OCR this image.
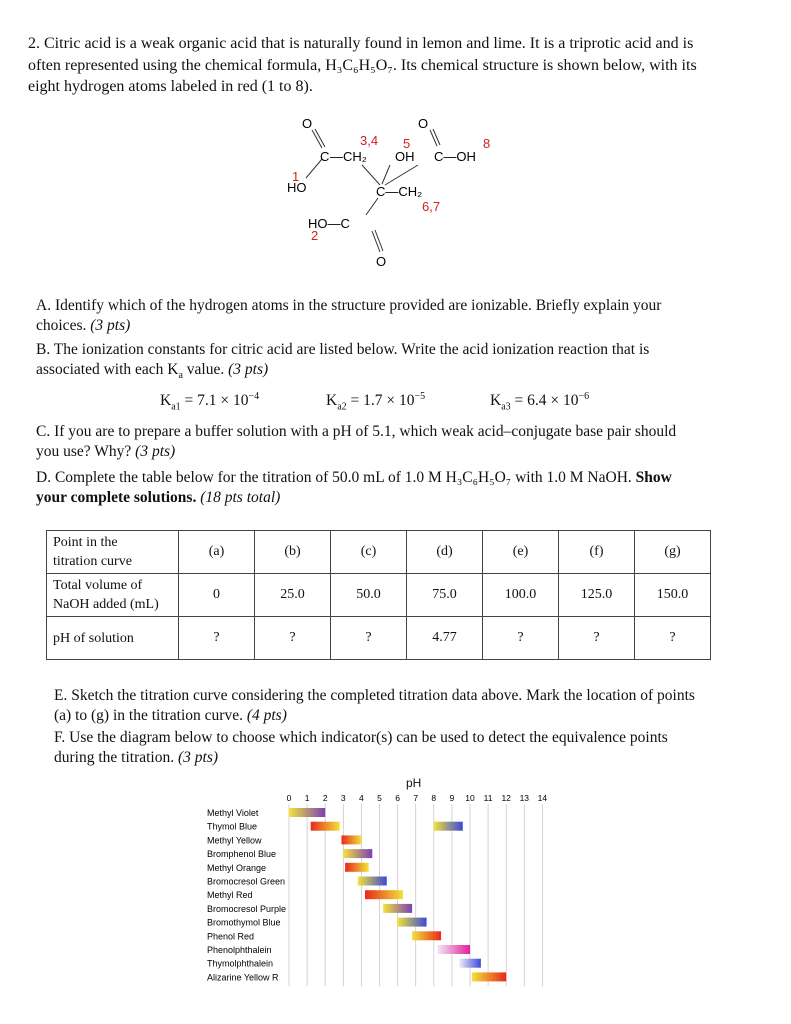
2. Citric acid is a weak organic acid that is naturally found in lemon and lime. It is a triprotic acid and is
often represented using the chemical formula, H₃C₆H₅O₇. Its chemical structure is shown below, with its
eight hydrogen atoms labeled in red (1 to 8).
O
C —CH₂ OH
O
C—OH
HO	C—CH₂
HO—C
O
1
2
3,4 5
6,7
8
A. Identify which of the hydrogen atoms in the structure provided are ionizable. Briefly explain your
choices. (3 pts)
B. The ionization constants for citric acid are listed below. Write the acid ionization reaction that is
associated with each $K_a$ value. (3 pts)
$K_{a1} = 7.1 \times 10^{-4}$	$K_{a2} = 1.7 \times 10^{-5}$	$K_{a3} = 6.4 \times 10^{-6}$
C. If you are to prepare a buffer solution with a pH of 5.1, which weak acid–conjugate base pair should
you use? Why? (3 pts)
D. Complete the table below for the titration of 50.0 mL of 1.0 M H₃C₆H₅O₇ with 1.0 M NaOH. Show
your complete solutions. (18 pts total)
Point in the
titration curve	(a)	(b)	(c)	(d)	(e)	(f)	(g)

Total volume of
NaOH added (mL)	0	25.0	50.0	75.0	100.0	125.0	150.0
pH of solution	?	?	?	4.77	?	?	?
E. Sketch the titration curve considering the completed titration data above. Mark the location of points
(a) to (g) in the titration curve. (4 pts)
F. Use the diagram below to choose which indicator(s) can be used to detect the equivalence points
during the titration. (3 pts)
pH
0 1 2 3 4 5 6 7 8 9 10 11 12 13 14
Methyl Violet
Thymol Blue
Methyl Yellow
Bromphenol Blue
Methyl Orange
Bromocresol Green
Methyl Red
Bromocresol Purple
Bromothymol Blue
Phenol Red
Phenolphthalein
Thymolphthalein
Alizarine Yellow R
